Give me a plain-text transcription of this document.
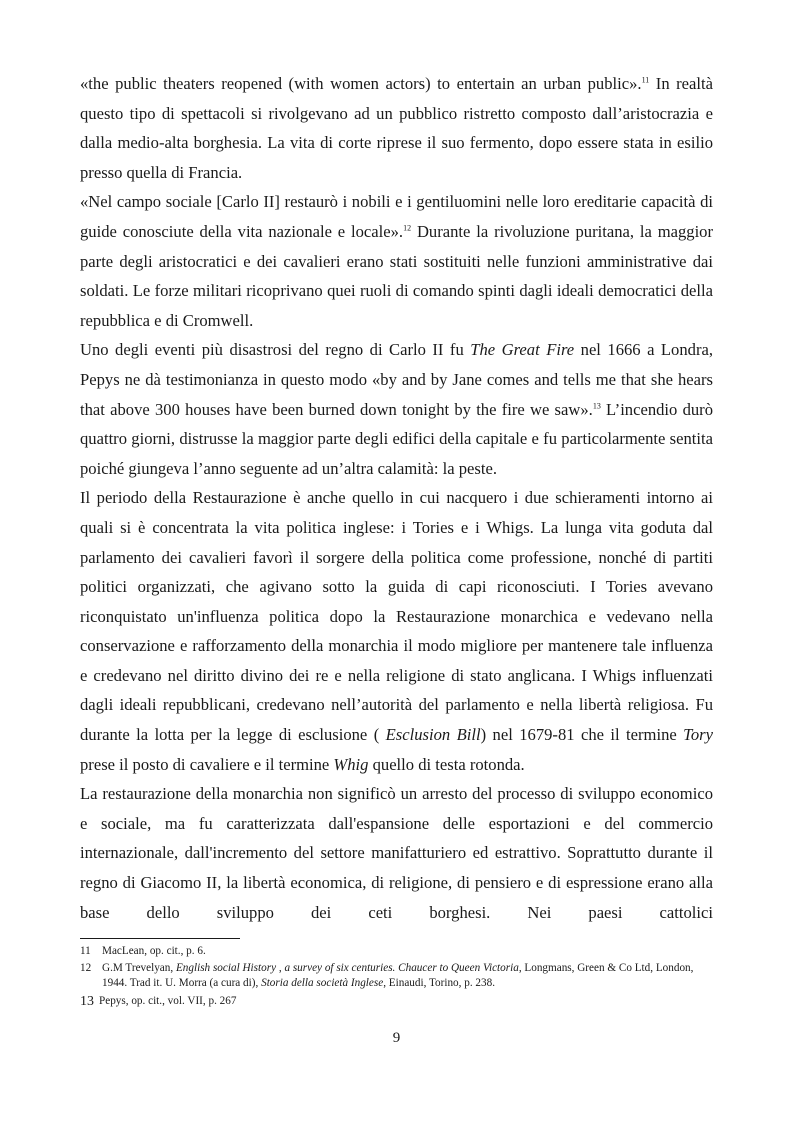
«the public theaters reopened (with women actors) to entertain an urban public».$^{11}$ In realtà questo tipo di spettacoli si rivolgevano ad un pubblico ristretto composto dall’aristocrazia e dalla medio-alta borghesia. La vita di corte riprese il suo fermento, dopo essere stata in esilio presso quella di Francia.

«Nel campo sociale [Carlo II] restaurò i nobili e i gentiluomini nelle loro ereditarie capacità di guide conosciute della vita nazionale e locale».$^{12}$ Durante la rivoluzione puritana, la maggior parte degli aristocratici e dei cavalieri erano stati sostituiti nelle funzioni amministrative dai soldati. Le forze militari ricoprivano quei ruoli di comando spinti dagli ideali democratici della repubblica e di Cromwell.

Uno degli eventi più disastrosi del regno di Carlo II fu The Great Fire nel 1666 a Londra, Pepys ne dà testimonianza in questo modo «by and by Jane comes and tells me that she hears that above 300 houses have been burned down tonight by the fire we saw».$^{13}$ L’incendio durò quattro giorni, distrusse la maggior parte degli edifici della capitale e fu particolarmente sentita poiché giungeva l’anno seguente ad un’altra calamità: la peste.

Il periodo della Restaurazione è anche quello in cui nacquero i due schieramenti intorno ai quali si è concentrata la vita politica inglese: i Tories e i Whigs. La lunga vita goduta dal parlamento dei cavalieri favorì il sorgere della politica come professione, nonché di partiti politici organizzati, che agivano sotto la guida di capi riconosciuti. I Tories avevano riconquistato un'influenza politica dopo la Restaurazione monarchica e vedevano nella conservazione e rafforzamento della monarchia il modo migliore per mantenere tale influenza e credevano nel diritto divino dei re e nella religione di stato anglicana. I Whigs influenzati dagli ideali repubblicani, credevano nell’autorità del parlamento e nella libertà religiosa. Fu durante la lotta per la legge di esclusione ( Esclusion Bill) nel 1679-81 che il termine Tory prese il posto di cavaliere e il termine Whig quello di testa rotonda.

La restaurazione della monarchia non significò un arresto del processo di sviluppo economico e sociale, ma fu caratterizzata dall'espansione delle esportazioni e del commercio internazionale, dall'incremento del settore manifatturiero ed estrattivo. Soprattutto durante il regno di Giacomo II, la libertà economica, di religione, di pensiero e di espressione erano alla base dello sviluppo dei ceti borghesi. Nei paesi cattolici

11	MacLean, op. cit., p. 6.
12 G.M Trevelyan, English social History , a survey of six centuries. Chaucer to Queen Victoria, Longmans, Green & Co Ltd, London, 1944. Trad it. U. Morra (a cura di), Storia della società Inglese, Einaudi, Torino, p. 238.
13 Pepys, op. cit., vol. VII, p. 267
9
